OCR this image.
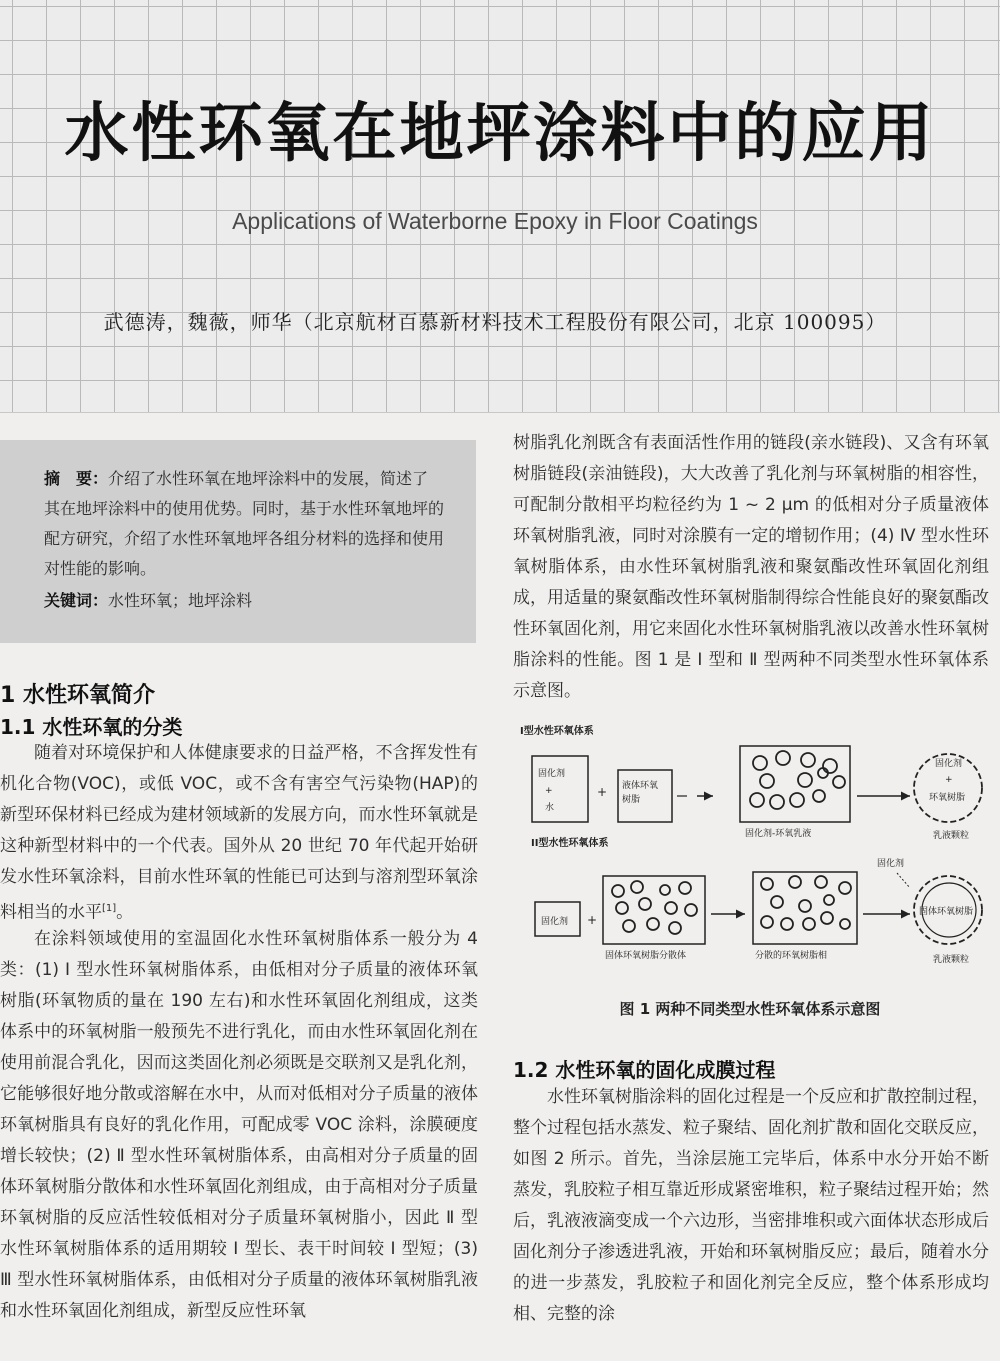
水性环氧在地坪涂料中的应用
Applications of Waterborne Epoxy in Floor Coatings
武德涛，魏薇，师华（北京航材百慕新材料技术工程股份有限公司，北京 100095）
摘　要：介绍了水性环氧在地坪涂料中的发展，简述了其在地坪涂料中的使用优势。同时，基于水性环氧地坪的配方研究，介绍了水性环氧地坪各组分材料的选择和使用对性能的影响。
关键词：水性环氧；地坪涂料
1 水性环氧简介
1.1 水性环氧的分类

随着对环境保护和人体健康要求的日益严格，不含挥发性有机化合物(VOC)，或低 VOC，或不含有害空气污染物(HAP)的新型环保材料已经成为建材领域新的发展方向，而水性环氧就是这种新型材料中的一个代表。国外从 20 世纪 70 年代起开始研发水性环氧涂料，目前水性环氧的性能已可达到与溶剂型环氧涂料相当的水平[1]。

在涂料领域使用的室温固化水性环氧树脂体系一般分为 4 类：(1) Ⅰ 型水性环氧树脂体系，由低相对分子质量的液体环氧树脂(环氧物质的量在 190 左右)和水性环氧固化剂组成，这类体系中的环氧树脂一般预先不进行乳化，而由水性环氧固化剂在使用前混合乳化，因而这类固化剂必须既是交联剂又是乳化剂，它能够很好地分散或溶解在水中，从而对低相对分子质量的液体环氧树脂具有良好的乳化作用，可配成零 VOC 涂料，涂膜硬度增长较快；(2) Ⅱ 型水性环氧树脂体系，由高相对分子质量的固体环氧树脂分散体和水性环氧固化剂组成，由于高相对分子质量环氧树脂的反应活性较低相对分子质量环氧树脂小，因此 Ⅱ 型水性环氧树脂体系的适用期较 Ⅰ 型长、表干时间较 Ⅰ 型短；(3) Ⅲ 型水性环氧树脂体系，由低相对分子质量的液体环氧树脂乳液和水性环氧固化剂组成，新型反应性环氧

树脂乳化剂既含有表面活性作用的链段(亲水链段)、又含有环氧树脂链段(亲油链段)，大大改善了乳化剂与环氧树脂的相容性，可配制分散相平均粒径约为 1 ~ 2 μm 的低相对分子质量液体环氧树脂乳液，同时对涂膜有一定的增韧作用；(4) Ⅳ 型水性环氧树脂体系，由水性环氧树脂乳液和聚氨酯改性环氧固化剂组成，用适量的聚氨酯改性环氧树脂制得综合性能良好的聚氨酯改性环氧固化剂，用它来固化水性环氧树脂乳液以改善水性环氧树脂涂料的性能。图 1 是 Ⅰ 型和 Ⅱ 型两种不同类型水性环氧体系示意图。

I型水性环氧体系
固化剂
+
水
+ 液体环氧
树脂
固化剂-环氧乳液
固化剂
+
环氧树脂
乳液颗粒
II型水性环氧体系
固化剂 +
固体环氧树脂分散体	分散的环氧树脂相
固化剂
固体环氧树脂
乳液颗粒
图 1 两种不同类型水性环氧体系示意图
1.2 水性环氧的固化成膜过程

水性环氧树脂涂料的固化过程是一个反应和扩散控制过程，整个过程包括水蒸发、粒子聚结、固化剂扩散和固化交联反应，如图 2 所示。首先，当涂层施工完毕后，体系中水分开始不断蒸发，乳胶粒子相互靠近形成紧密堆积，粒子聚结过程开始；然后，乳液液滴变成一个六边形，当密排堆积或六面体状态形成后固化剂分子渗透进乳液，开始和环氧树脂反应；最后，随着水分的进一步蒸发，乳胶粒子和固化剂完全反应，整个体系形成均相、完整的涂
